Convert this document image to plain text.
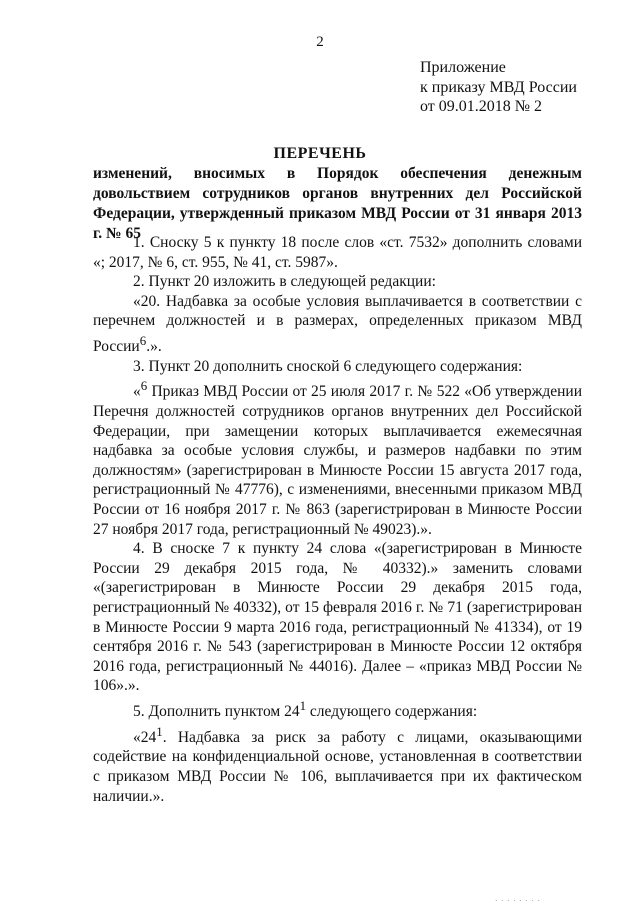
2
Приложение
к приказу МВД России
от 09.01.2018 № 2
ПЕРЕЧЕНЬ
изменений, вносимых в Порядок обеспечения денежным довольствием сотрудников органов внутренних дел Российской Федерации, утвержденный приказом МВД России от 31 января 2013 г. № 65

1. Сноску 5 к пункту 18 после слов «ст. 7532» дополнить словами «; 2017, № 6, ст. 955, № 41, ст. 5987».

2. Пункт 20 изложить в следующей редакции:

«20. Надбавка за особые условия выплачивается в соответствии с перечнем должностей и в размерах, определенных приказом МВД России$^6$.».

3. Пункт 20 дополнить сноской 6 следующего содержания:

«$^6$ Приказ МВД России от 25 июля 2017 г. № 522 «Об утверждении Перечня должностей сотрудников органов внутренних дел Российской Федерации, при замещении которых выплачивается ежемесячная надбавка за особые условия службы, и размеров надбавки по этим должностям» (зарегистрирован в Минюсте России 15 августа 2017 года, регистрационный № 47776), с изменениями, внесенными приказом МВД России от 16 ноября 2017 г. № 863 (зарегистрирован в Минюсте России 27 ноября 2017 года, регистрационный № 49023).».

4. В сноске 7 к пункту 24 слова «(зарегистрирован в Минюсте России 29 декабря 2015 года, № 40332).» заменить словами «(зарегистрирован в Минюсте России 29 декабря 2015 года, регистрационный № 40332), от 15 февраля 2016 г. № 71 (зарегистрирован в Минюсте России 9 марта 2016 года, регистрационный № 41334), от 19 сентября 2016 г. № 543 (зарегистрирован в Минюсте России 12 октября 2016 года, регистрационный № 44016). Далее – «приказ МВД России № 106».».

5. Дополнить пунктом $24^1$ следующего содержания:

«$24^1$. Надбавка за риск за работу с лицами, оказывающими содействие на конфиденциальной основе, установленная в соответствии с приказом МВД России № 106, выплачивается при их фактическом наличии.».

· · · · · · · ·
